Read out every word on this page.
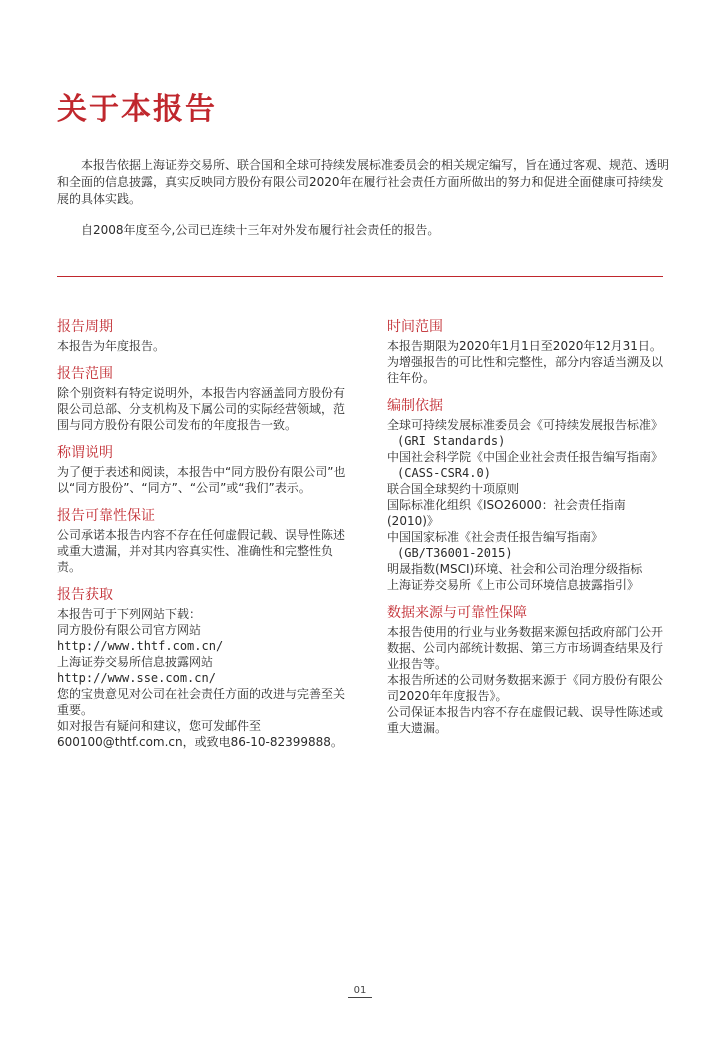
关于本报告

本报告依据上海证券交易所、联合国和全球可持续发展标准委员会的相关规定编写，旨在通过客观、规范、透明和全面的信息披露，真实反映同方股份有限公司2020年在履行社会责任方面所做出的努力和促进全面健康可持续发展的具体实践。

自2008年度至今,公司已连续十三年对外发布履行社会责任的报告。

报告周期
本报告为年度报告。
报告范围
除个别资料有特定说明外，本报告内容涵盖同方股份有限公司总部、分支机构及下属公司的实际经营领域，范围与同方股份有限公司发布的年度报告一致。
称谓说明
为了便于表述和阅读，本报告中“同方股份有限公司”也以“同方股份”、“同方”、“公司”或“我们”表示。
报告可靠性保证
公司承诺本报告内容不存在任何虚假记载、误导性陈述或重大遗漏，并对其内容真实性、准确性和完整性负责。
报告获取
本报告可于下列网站下载：
同方股份有限公司官方网站
http://www.thtf.com.cn/
上海证券交易所信息披露网站
http://www.sse.com.cn/
您的宝贵意见对公司在社会责任方面的改进与完善至关重要。
如对报告有疑问和建议，您可发邮件至600100@thtf.com.cn，或致电86-10-82399888。
时间范围
本报告期限为2020年1月1日至2020年12月31日。为增强报告的可比性和完整性，部分内容适当溯及以往年份。
编制依据
全球可持续发展标准委员会《可持续发展报告标准》
(GRI Standards)
中国社会科学院《中国企业社会责任报告编写指南》
(CASS-CSR4.0)
联合国全球契约十项原则
国际标准化组织《ISO26000：社会责任指南(2010)》
中国国家标准《社会责任报告编写指南》
(GB/T36001-2015)
明晟指数(MSCI)环境、社会和公司治理分级指标
上海证券交易所《上市公司环境信息披露指引》
数据来源与可靠性保障
本报告使用的行业与业务数据来源包括政府部门公开数据、公司内部统计数据、第三方市场调查结果及行业报告等。
本报告所述的公司财务数据来源于《同方股份有限公司2020年年度报告》。
公司保证本报告内容不存在虚假记载、误导性陈述或重大遗漏。
01
